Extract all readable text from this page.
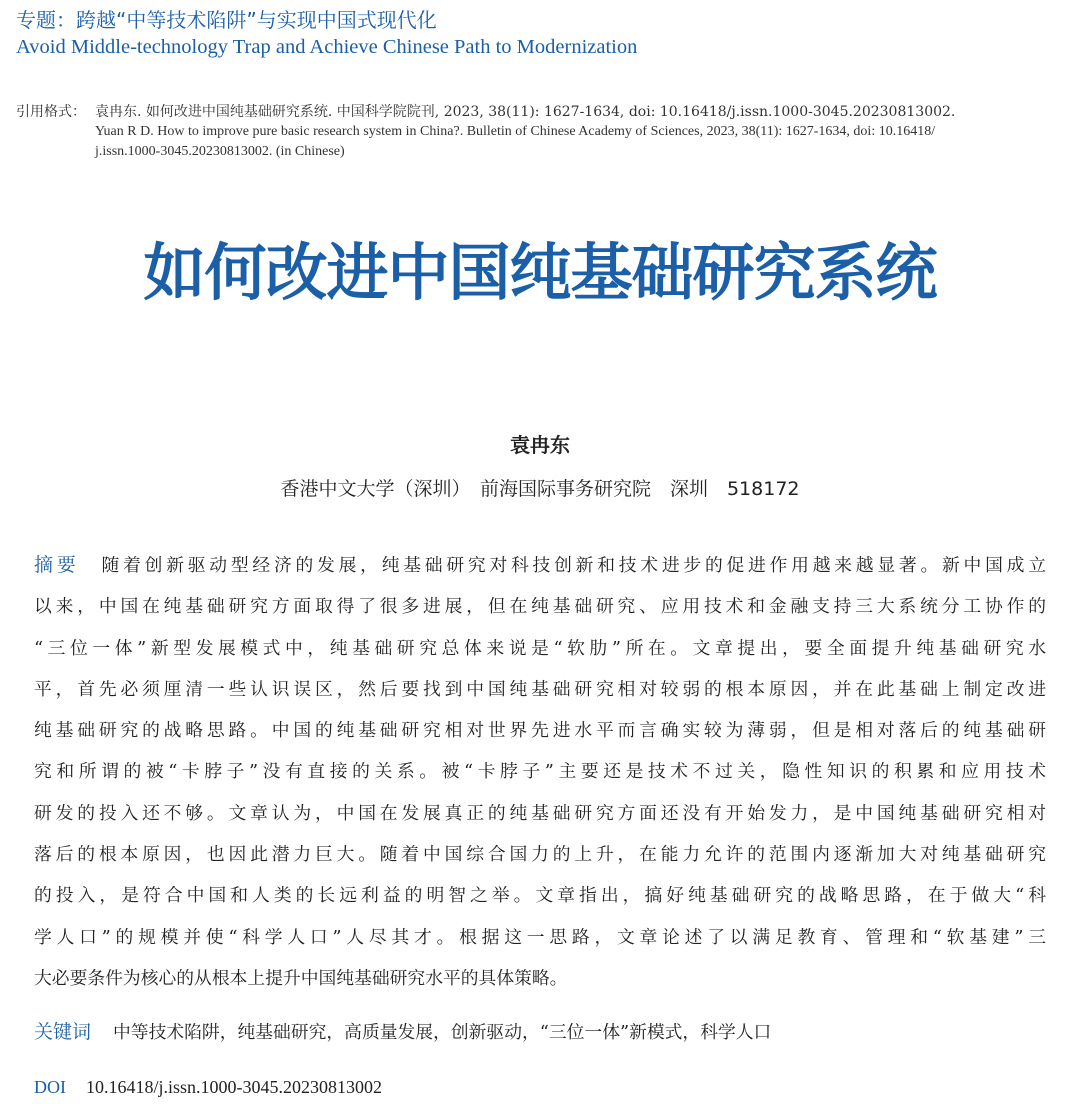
专题：跨越“中等技术陷阱”与实现中国式现代化
Avoid Middle-technology Trap and Achieve Chinese Path to Modernization
引用格式： 袁冉东. 如何改进中国纯基础研究系统. 中国科学院院刊, 2023, 38(11): 1627-1634, doi: 10.16418/j.issn.1000-3045.20230813002.
Yuan R D. How to improve pure basic research system in China?. Bulletin of Chinese Academy of Sciences, 2023, 38(11): 1627-1634, doi: 10.16418/
j.issn.1000-3045.20230813002. (in Chinese)
如何改进中国纯基础研究系统
袁冉东
香港中文大学（深圳）　前海国际事务研究院　深圳　518172
摘要 随着创新驱动型经济的发展，纯基础研究对科技创新和技术进步的促进作用越来越显著。新中国成立
以来，中国在纯基础研究方面取得了很多进展，但在纯基础研究、应用技术和金融支持三大系统分工协作的
“三位一体”新型发展模式中，纯基础研究总体来说是“软肋”所在。文章提出，要全面提升纯基础研究水
平，首先必须厘清一些认识误区，然后要找到中国纯基础研究相对较弱的根本原因，并在此基础上制定改进
纯基础研究的战略思路。中国的纯基础研究相对世界先进水平而言确实较为薄弱，但是相对落后的纯基础研
究和所谓的被“卡脖子”没有直接的关系。被“卡脖子”主要还是技术不过关，隐性知识的积累和应用技术
研发的投入还不够。文章认为，中国在发展真正的纯基础研究方面还没有开始发力，是中国纯基础研究相对
落后的根本原因，也因此潜力巨大。随着中国综合国力的上升，在能力允许的范围内逐渐加大对纯基础研究
的投入，是符合中国和人类的长远利益的明智之举。文章指出，搞好纯基础研究的战略思路，在于做大“科
学人口”的规模并使“科学人口”人尽其才。根据这一思路，文章论述了以满足教育、管理和“软基建”三
大必要条件为核心的从根本上提升中国纯基础研究水平的具体策略。
关键词 中等技术陷阱，纯基础研究，高质量发展，创新驱动，“三位一体”新模式，科学人口
DOI 10.16418/j.issn.1000-3045.20230813002
